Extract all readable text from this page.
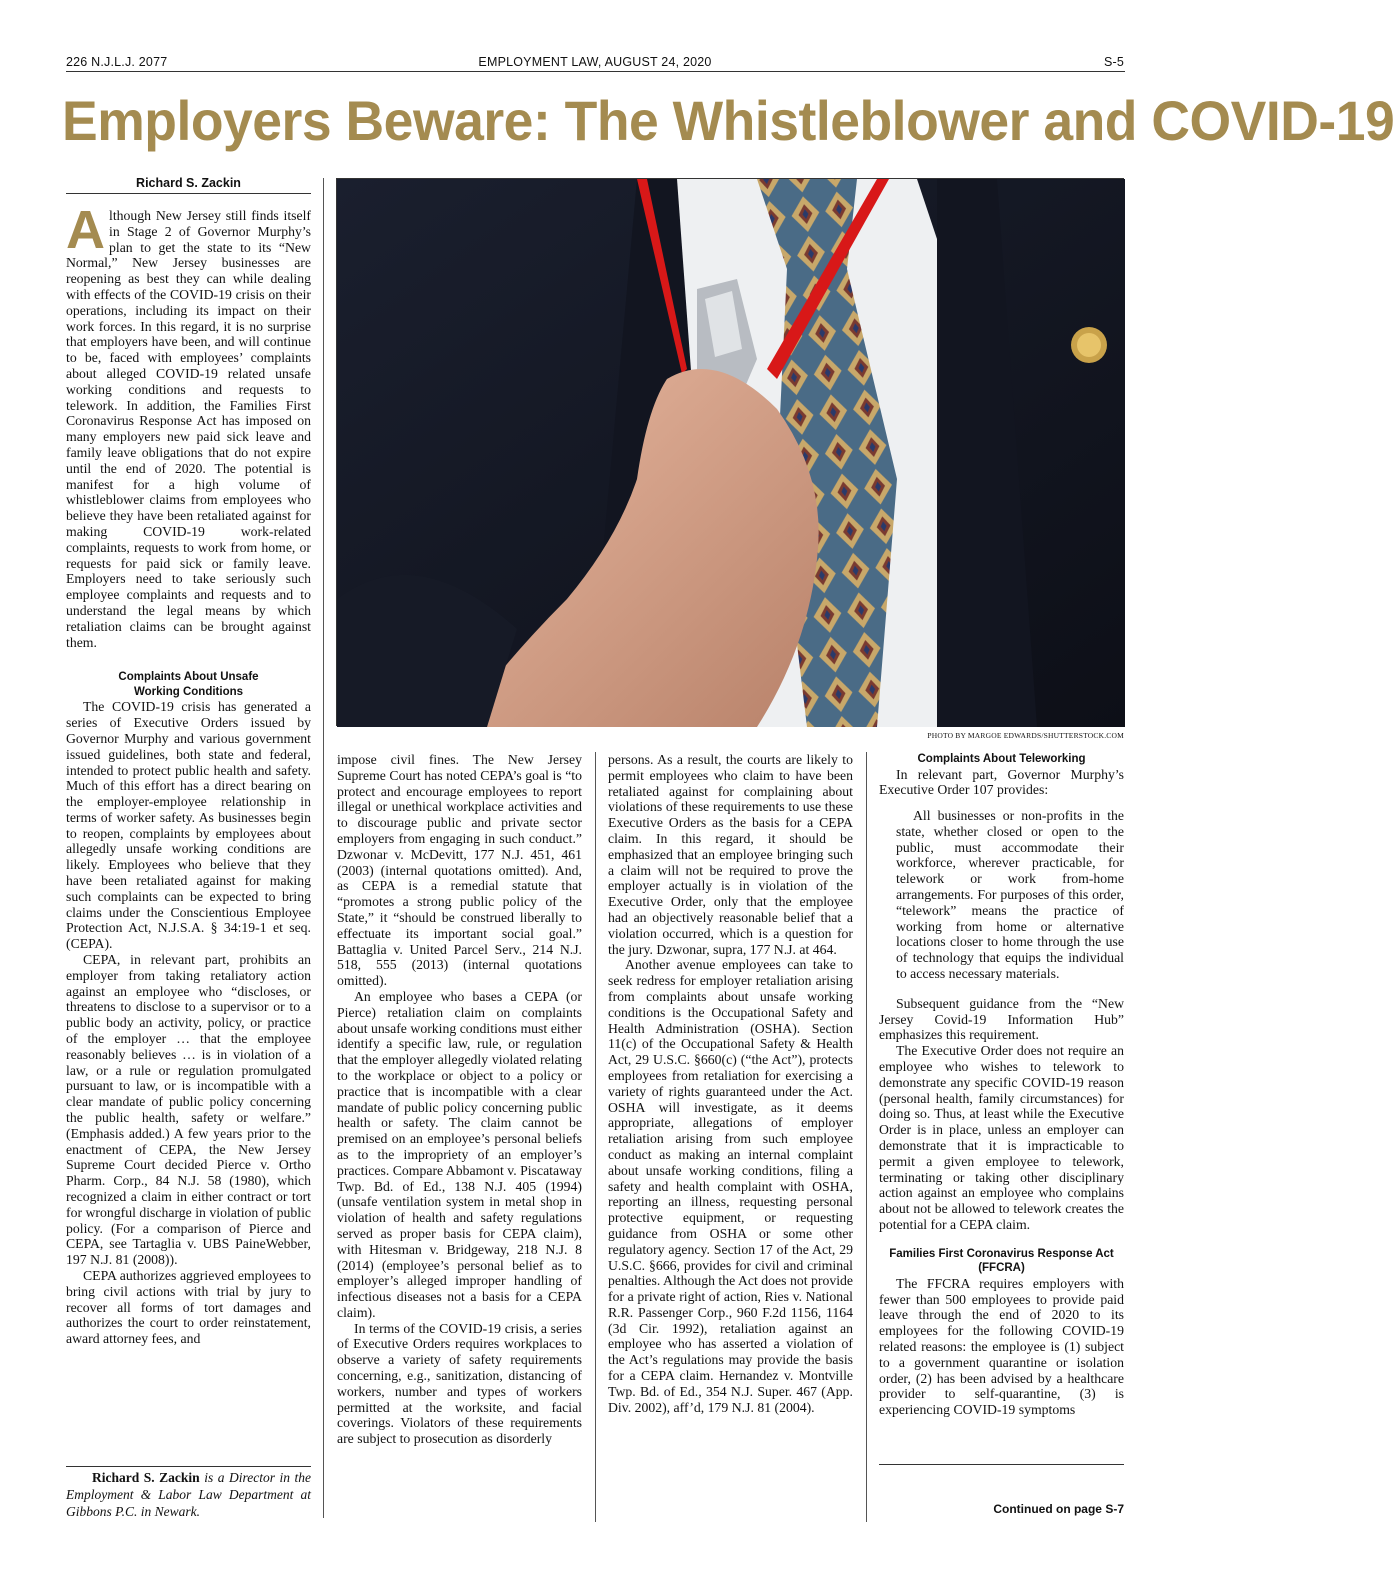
226 N.J.L.J. 2077	EMPLOYMENT LAW, AUGUST 24, 2020	S-5
Employers Beware: The Whistleblower and COVID-19
Richard S. Zackin

Although New Jersey still finds itself in Stage 2 of Governor Murphy’s plan to get the state to its “New Normal,” New Jersey businesses are reopening as best they can while dealing with effects of the COVID-19 crisis on their operations, including its impact on their work forces. In this regard, it is no surprise that employers have been, and will continue to be, faced with employees’ complaints about alleged COVID-19 related unsafe working conditions and requests to telework. In addition, the Families First Coronavirus Response Act has imposed on many employers new paid sick leave and family leave obligations that do not expire until the end of 2020. The potential is manifest for a high volume of whistleblower claims from employees who believe they have been retaliated against for making COVID-19 work-related complaints, requests to work from home, or requests for paid sick or family leave. Employers need to take seriously such employee complaints and requests and to understand the legal means by which retaliation claims can be brought against them.

Complaints About Unsafe Working Conditions

The COVID-19 crisis has generated a series of Executive Orders issued by Governor Murphy and various government issued guidelines, both state and federal, intended to protect public health and safety. Much of this effort has a direct bearing on the employer-employee relationship in terms of worker safety. As businesses begin to reopen, complaints by employees about allegedly unsafe working conditions are likely. Employees who believe that they have been retaliated against for making such complaints can be expected to bring claims under the Conscientious Employee Protection Act, N.J.S.A. § 34:19-1 et seq. (CEPA).

CEPA, in relevant part, prohibits an employer from taking retaliatory action against an employee who “discloses, or threatens to disclose to a supervisor or to a public body an activity, policy, or practice of the employer … that the employee reasonably believes … is in violation of a law, or a rule or regulation promulgated pursuant to law, or is incompatible with a clear mandate of public policy concerning the public health, safety or welfare.” (Emphasis added.) A few years prior to the enactment of CEPA, the New Jersey Supreme Court decided Pierce v. Ortho Pharm. Corp., 84 N.J. 58 (1980), which recognized a claim in either contract or tort for wrongful discharge in violation of public policy. (For a comparison of Pierce and CEPA, see Tartaglia v. UBS PaineWebber, 197 N.J. 81 (2008)).

CEPA authorizes aggrieved employees to bring civil actions with trial by jury to recover all forms of tort damages and authorizes the court to order reinstatement, award attorney fees, and

Richard S. Zackin is a Director in the Employment & Labor Law Department at Gibbons P.C. in Newark.
PHOTO BY MARGOE EDWARDS/SHUTTERSTOCK.COM

impose civil fines. The New Jersey Supreme Court has noted CEPA’s goal is “to protect and encourage employees to report illegal or unethical workplace activities and to discourage public and private sector employers from engaging in such conduct.” Dzwonar v. McDevitt, 177 N.J. 451, 461 (2003) (internal quotations omitted). And, as CEPA is a remedial statute that “promotes a strong public policy of the State,” it “should be construed liberally to effectuate its important social goal.” Battaglia v. United Parcel Serv., 214 N.J. 518, 555 (2013) (internal quotations omitted).

An employee who bases a CEPA (or Pierce) retaliation claim on complaints about unsafe working conditions must either identify a specific law, rule, or regulation that the employer allegedly violated relating to the workplace or object to a policy or practice that is incompatible with a clear mandate of public policy concerning public health or safety. The claim cannot be premised on an employee’s personal beliefs as to the impropriety of an employer’s practices. Compare Abbamont v. Piscataway Twp. Bd. of Ed., 138 N.J. 405 (1994) (unsafe ventilation system in metal shop in violation of health and safety regulations served as proper basis for CEPA claim), with Hitesman v. Bridgeway, 218 N.J. 8 (2014) (employee’s personal belief as to employer’s alleged improper handling of infectious diseases not a basis for a CEPA claim).

In terms of the COVID-19 crisis, a series of Executive Orders requires workplaces to observe a variety of safety requirements concerning, e.g., sanitization, distancing of workers, number and types of workers permitted at the worksite, and facial coverings. Violators of these requirements are subject to prosecution as disorderly

persons. As a result, the courts are likely to permit employees who claim to have been retaliated against for complaining about violations of these requirements to use these Executive Orders as the basis for a CEPA claim. In this regard, it should be emphasized that an employee bringing such a claim will not be required to prove the employer actually is in violation of the Executive Order, only that the employee had an objectively reasonable belief that a violation occurred, which is a question for the jury. Dzwonar, supra, 177 N.J. at 464.

Another avenue employees can take to seek redress for employer retaliation arising from complaints about unsafe working conditions is the Occupational Safety and Health Administration (OSHA). Section 11(c) of the Occupational Safety & Health Act, 29 U.S.C. §660(c) (“the Act”), protects employees from retaliation for exercising a variety of rights guaranteed under the Act. OSHA will investigate, as it deems appropriate, allegations of employer retaliation arising from such employee conduct as making an internal complaint about unsafe working conditions, filing a safety and health complaint with OSHA, reporting an illness, requesting personal protective equipment, or requesting guidance from OSHA or some other regulatory agency. Section 17 of the Act, 29 U.S.C. §666, provides for civil and criminal penalties. Although the Act does not provide for a private right of action, Ries v. National R.R. Passenger Corp., 960 F.2d 1156, 1164 (3d Cir. 1992), retaliation against an employee who has asserted a violation of the Act’s regulations may provide the basis for a CEPA claim. Hernandez v. Montville Twp. Bd. of Ed., 354 N.J. Super. 467 (App. Div. 2002), aff’d, 179 N.J. 81 (2004).

Complaints About Teleworking

In relevant part, Governor Murphy’s Executive Order 107 provides:

All businesses or non-profits in the state, whether closed or open to the public, must accommodate their workforce, wherever practicable, for telework or work from-home arrangements. For purposes of this order, “telework” means the practice of working from home or alternative locations closer to home through the use of technology that equips the individual to access necessary materials.

Subsequent guidance from the “New Jersey Covid-19 Information Hub” emphasizes this requirement.

The Executive Order does not require an employee who wishes to telework to demonstrate any specific COVID-19 reason (personal health, family circumstances) for doing so. Thus, at least while the Executive Order is in place, unless an employer can demonstrate that it is impracticable to permit a given employee to telework, terminating or taking other disciplinary action against an employee who complains about not be allowed to telework creates the potential for a CEPA claim.

Families First Coronavirus Response Act (FFCRA)

The FFCRA requires employers with fewer than 500 employees to provide paid leave through the end of 2020 to its employees for the following COVID-19 related reasons: the employee is (1) subject to a government quarantine or isolation order, (2) has been advised by a healthcare provider to self-quarantine, (3) is experiencing COVID-19 symptoms

Continued on page S-7
